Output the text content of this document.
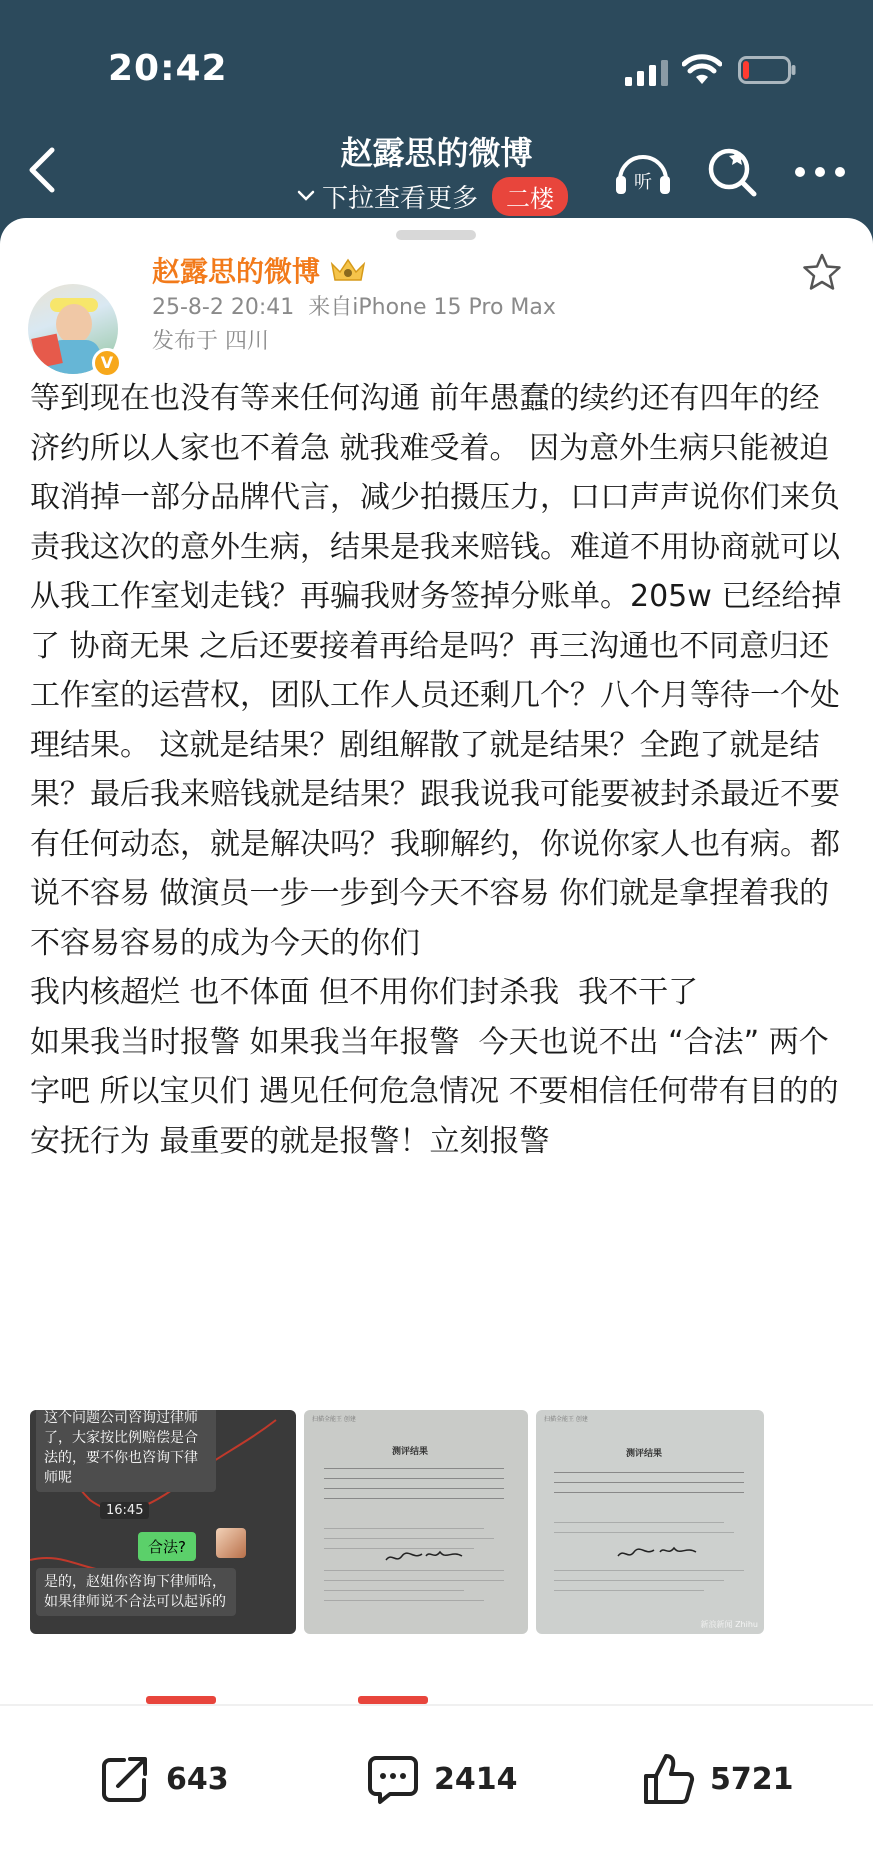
20:42
赵露思的微博
下拉查看更多	二楼
听
V
赵露思的微博
25-8-2 20:41 来自iPhone 15 Pro Max
发布于 四川
等到现在也没有等来任何沟通 前年愚蠢的续约还有四年的经济约所以人家也不着急 就我难受着。 因为意外生病只能被迫取消掉一部分品牌代言，减少拍摄压力，口口声声说你们来负责我这次的意外生病，结果是我来赔钱。难道不用协商就可以从我工作室划走钱？再骗我财务签掉分账单。205w 已经给掉了 协商无果 之后还要接着再给是吗？再三沟通也不同意归还工作室的运营权，团队工作人员还剩几个？八个月等待一个处理结果。 这就是结果？剧组解散了就是结果？全跑了就是结果？最后我来赔钱就是结果？跟我说我可能要被封杀最近不要有任何动态，就是解决吗？我聊解约，你说你家人也有病。都说不容易 做演员一步一步到今天不容易 你们就是拿捏着我的不容易容易的成为今天的你们
我内核超烂 也不体面 但不用你们封杀我  我不干了
如果我当时报警 如果我当年报警  今天也说不出 “合法” 两个字吧 所以宝贝们 遇见任何危急情况 不要相信任何带有目的的安抚行为 最重要的就是报警！立刻报警
这个问题公司咨询过律师了，大家按比例赔偿是合法的，要不你也咨询下律师呢
16:45
合法?
是的，赵姐你咨询下律师哈，如果律师说不合法可以起诉的
扫描全能王 创建
测评结果
扫描全能王 创建
测评结果
新浪新闻 Zhihu
643	2414	5721
